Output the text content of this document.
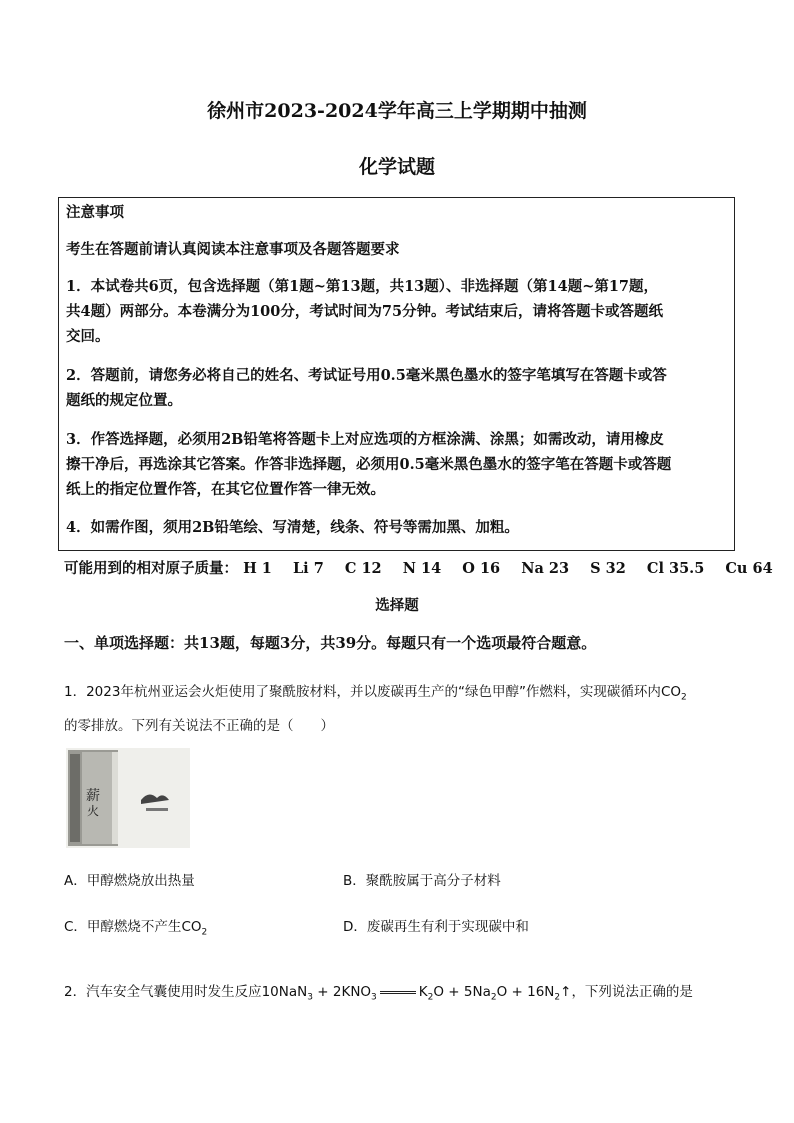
徐州市2023-2024学年高三上学期期中抽测
化学试题
注意事项
考生在答题前请认真阅读本注意事项及各题答题要求
1．本试卷共6页，包含选择题（第1题~第13题，共13题）、非选择题（第14题~第17题，
共4题）两部分。本卷满分为100分，考试时间为75分钟。考试结束后，请将答题卡或答题纸
交回。
2．答题前，请您务必将自己的姓名、考试证号用0.5毫米黑色墨水的签字笔填写在答题卡或答
题纸的规定位置。
3．作答选择题，必须用2B铅笔将答题卡上对应选项的方框涂满、涂黑；如需改动，请用橡皮
擦干净后，再选涂其它答案。作答非选择题，必须用0.5毫米黑色墨水的签字笔在答题卡或答题
纸上的指定位置作答，在其它位置作答一律无效。
4．如需作图，须用2B铅笔绘、写清楚，线条、符号等需加黑、加粗。
可能用到的相对原子质量： H 1 Li 7 C 12 N 14 O 16 Na 23 S 32 Cl 35.5 Cu 64
选择题
一、单项选择题：共13题，每题3分，共39分。每题只有一个选项最符合题意。
1．2023年杭州亚运会火炬使用了聚酰胺材料，并以废碳再生产的“绿色甲醇”作燃料，实现碳循环内$CO_2$
的零排放。下列有关说法不正确的是（　　）
薪
火
A．甲醇燃烧放出热量	B．聚酰胺属于高分子材料
C．甲醇燃烧不产生$CO_2$	D．废碳再生有利于实现碳中和
2．汽车安全气囊使用时发生反应$10NaN_3 + 2KNO_3$	$K_2O + 5Na_2O$ + $16N_2↑$，下列说法正确的是
